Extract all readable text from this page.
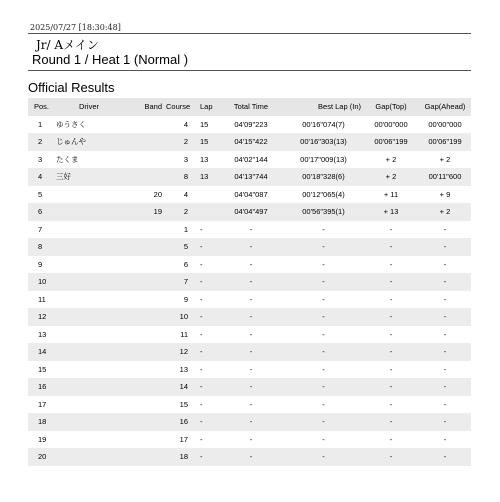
2025/07/27 [18:30:48]
Jr/ Aメイン
Round 1 / Heat 1 (Normal )
Official Results
Pos.	Driver	Band	Course	Lap	Total Time	Best Lap (In)	Gap(Top)	Gap(Ahead)
1	ゆうさく		4	15	04'09"223	00'16"074(7)	00'00"000	00'00"000
2	じゅんや		2	15	04'15"422	00'16"303(13)	00'06"199	00'06"199
3	たくま		3	13	04'02"144	00'17"009(13)	+ 2	+ 2
4	三好		8	13	04'13"744	00'18"328(6)	+ 2	00'11"600
5		20	4		04'04"087	00'12"065(4)	+ 11	+ 9
6		19	2		04'04"497	00'56"395(1)	+ 13	+ 2
7			1	-	-	-	-	-
8			5	-	-	-	-	-
9			6	-	-	-	-	-
10			7	-	-	-	-	-
11			9	-	-	-	-	-
12			10	-	-	-	-	-
13			11	-	-	-	-	-
14			12	-	-	-	-	-
15			13	-	-	-	-	-
16			14	-	-	-	-	-
17			15	-	-	-	-	-
18			16	-	-	-	-	-
19			17	-	-	-	-	-
20			18	-	-	-	-	-
